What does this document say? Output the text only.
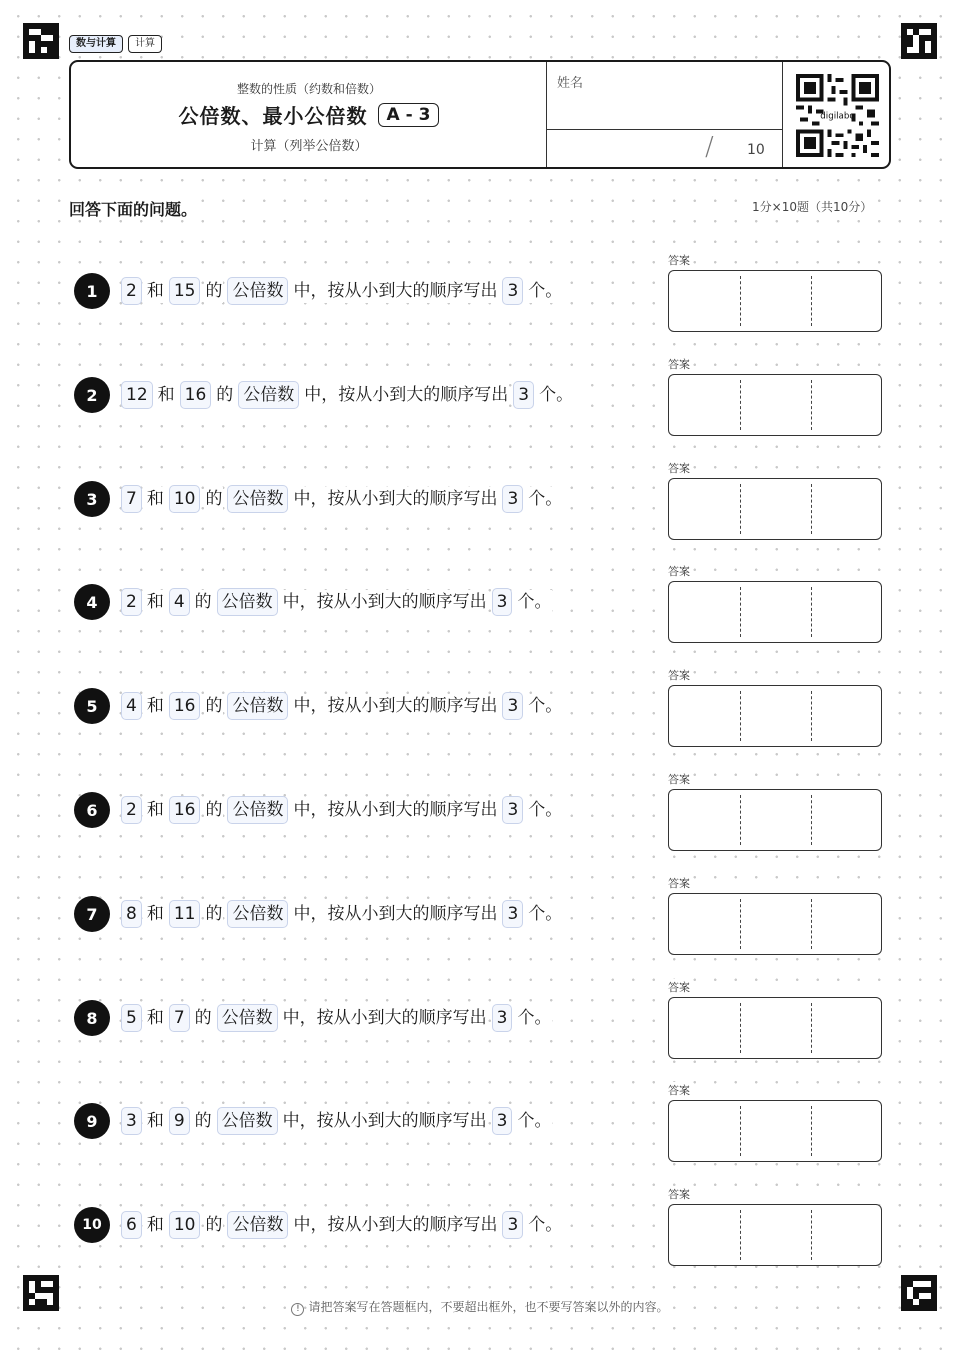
数与计算	计算
整数的性质（约数和倍数）
公倍数、最小公倍数	A - 3
计算（列举公倍数）
姓名
/ 10
digilabo
回答下面的问题。	1分×10题（共10分）
1	2 和 15 的 公倍数 中，按从小到大的顺序写出 3 个。
答案
2	12 和 16 的 公倍数 中，按从小到大的顺序写出 3 个。
答案
3	7 和 10 的 公倍数 中，按从小到大的顺序写出 3 个。
答案
4	2 和 4 的 公倍数 中，按从小到大的顺序写出 3 个。
答案
5	4 和 16 的 公倍数 中，按从小到大的顺序写出 3 个。
答案
6	2 和 16 的 公倍数 中，按从小到大的顺序写出 3 个。
答案
7	8 和 11 的 公倍数 中，按从小到大的顺序写出 3 个。
答案
8	5 和 7 的 公倍数 中，按从小到大的顺序写出 3 个。
答案
9	3 和 9 的 公倍数 中，按从小到大的顺序写出 3 个。
答案
10	6 和 10 的 公倍数 中，按从小到大的顺序写出 3 个。
答案
! 请把答案写在答题框内，不要超出框外，也不要写答案以外的内容。
